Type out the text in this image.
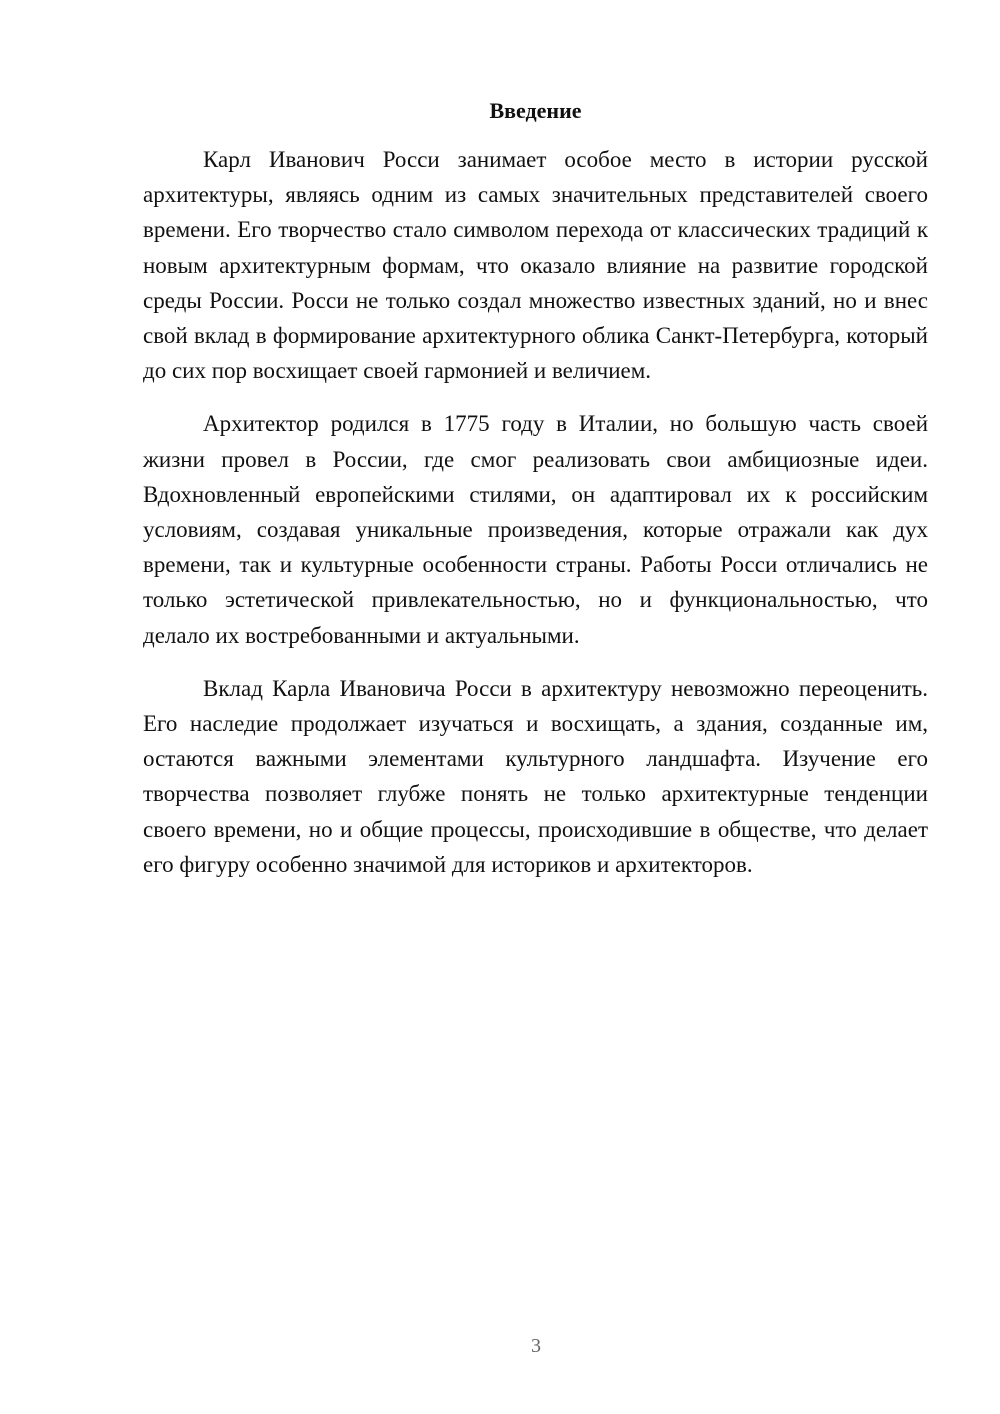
Введение

Карл Иванович Росси занимает особое место в истории русской архитектуры, являясь одним из самых значительных представителей своего времени. Его творчество стало символом перехода от классических традиций к новым архитектурным формам, что оказало влияние на развитие городской среды России. Росси не только создал множество известных зданий, но и внес свой вклад в формирование архитектурного облика Санкт-Петербурга, который до сих пор восхищает своей гармонией и величием.

Архитектор родился в 1775 году в Италии, но большую часть своей жизни провел в России, где смог реализовать свои амбициозные идеи. Вдохновленный европейскими стилями, он адаптировал их к российским условиям, создавая уникальные произведения, которые отражали как дух времени, так и культурные особенности страны. Работы Росси отличались не только эстетической привлекательностью, но и функциональностью, что делало их востребованными и актуальными.

Вклад Карла Ивановича Росси в архитектуру невозможно переоценить. Его наследие продолжает изучаться и восхищать, а здания, созданные им, остаются важными элементами культурного ландшафта. Изучение его творчества позволяет глубже понять не только архитектурные тенденции своего времени, но и общие процессы, происходившие в обществе, что делает его фигуру особенно значимой для историков и архитекторов.

3
